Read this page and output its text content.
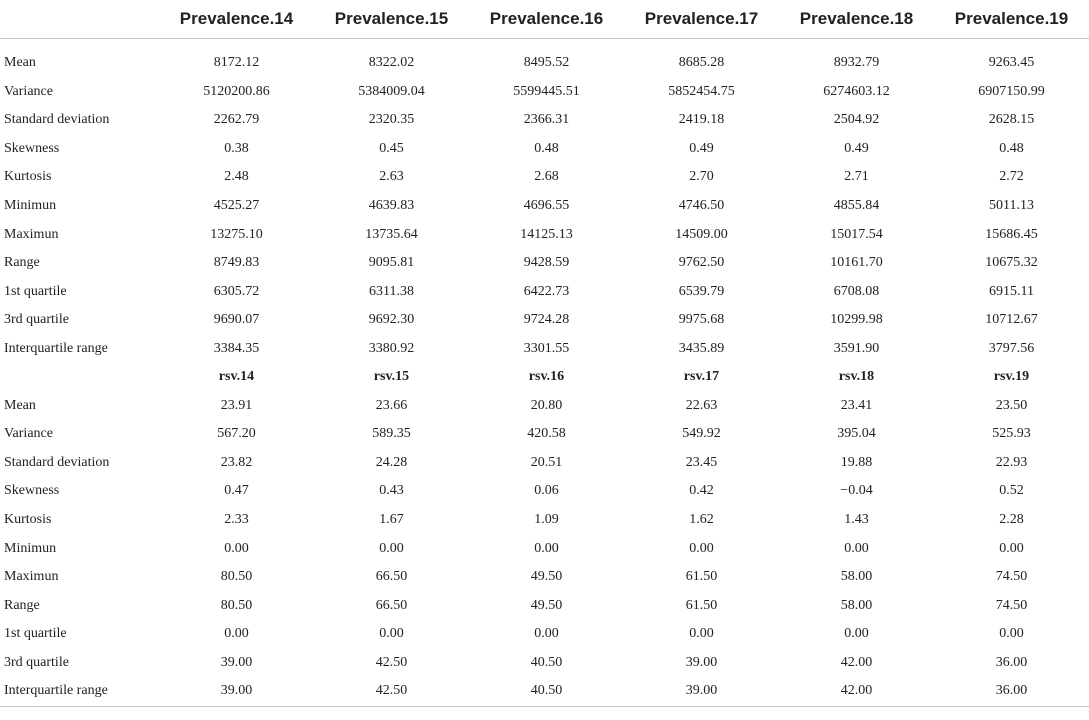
	Prevalence.14	Prevalence.15	Prevalence.16	Prevalence.17	Prevalence.18	Prevalence.19

Mean	8172.12	8322.02	8495.52	8685.28	8932.79	9263.45
Variance	5120200.86	5384009.04	5599445.51	5852454.75	6274603.12	6907150.99
Standard deviation	2262.79	2320.35	2366.31	2419.18	2504.92	2628.15
Skewness	0.38	0.45	0.48	0.49	0.49	0.48
Kurtosis	2.48	2.63	2.68	2.70	2.71	2.72
Minimun	4525.27	4639.83	4696.55	4746.50	4855.84	5011.13
Maximun	13275.10	13735.64	14125.13	14509.00	15017.54	15686.45
Range	8749.83	9095.81	9428.59	9762.50	10161.70	10675.32
1st quartile	6305.72	6311.38	6422.73	6539.79	6708.08	6915.11
3rd quartile	9690.07	9692.30	9724.28	9975.68	10299.98	10712.67
Interquartile range	3384.35	3380.92	3301.55	3435.89	3591.90	3797.56
	rsv.14	rsv.15	rsv.16	rsv.17	rsv.18	rsv.19
Mean	23.91	23.66	20.80	22.63	23.41	23.50
Variance	567.20	589.35	420.58	549.92	395.04	525.93
Standard deviation	23.82	24.28	20.51	23.45	19.88	22.93
Skewness	0.47	0.43	0.06	0.42	−0.04	0.52
Kurtosis	2.33	1.67	1.09	1.62	1.43	2.28
Minimun	0.00	0.00	0.00	0.00	0.00	0.00
Maximun	80.50	66.50	49.50	61.50	58.00	74.50
Range	80.50	66.50	49.50	61.50	58.00	74.50
1st quartile	0.00	0.00	0.00	0.00	0.00	0.00
3rd quartile	39.00	42.50	40.50	39.00	42.00	36.00
Interquartile range	39.00	42.50	40.50	39.00	42.00	36.00
